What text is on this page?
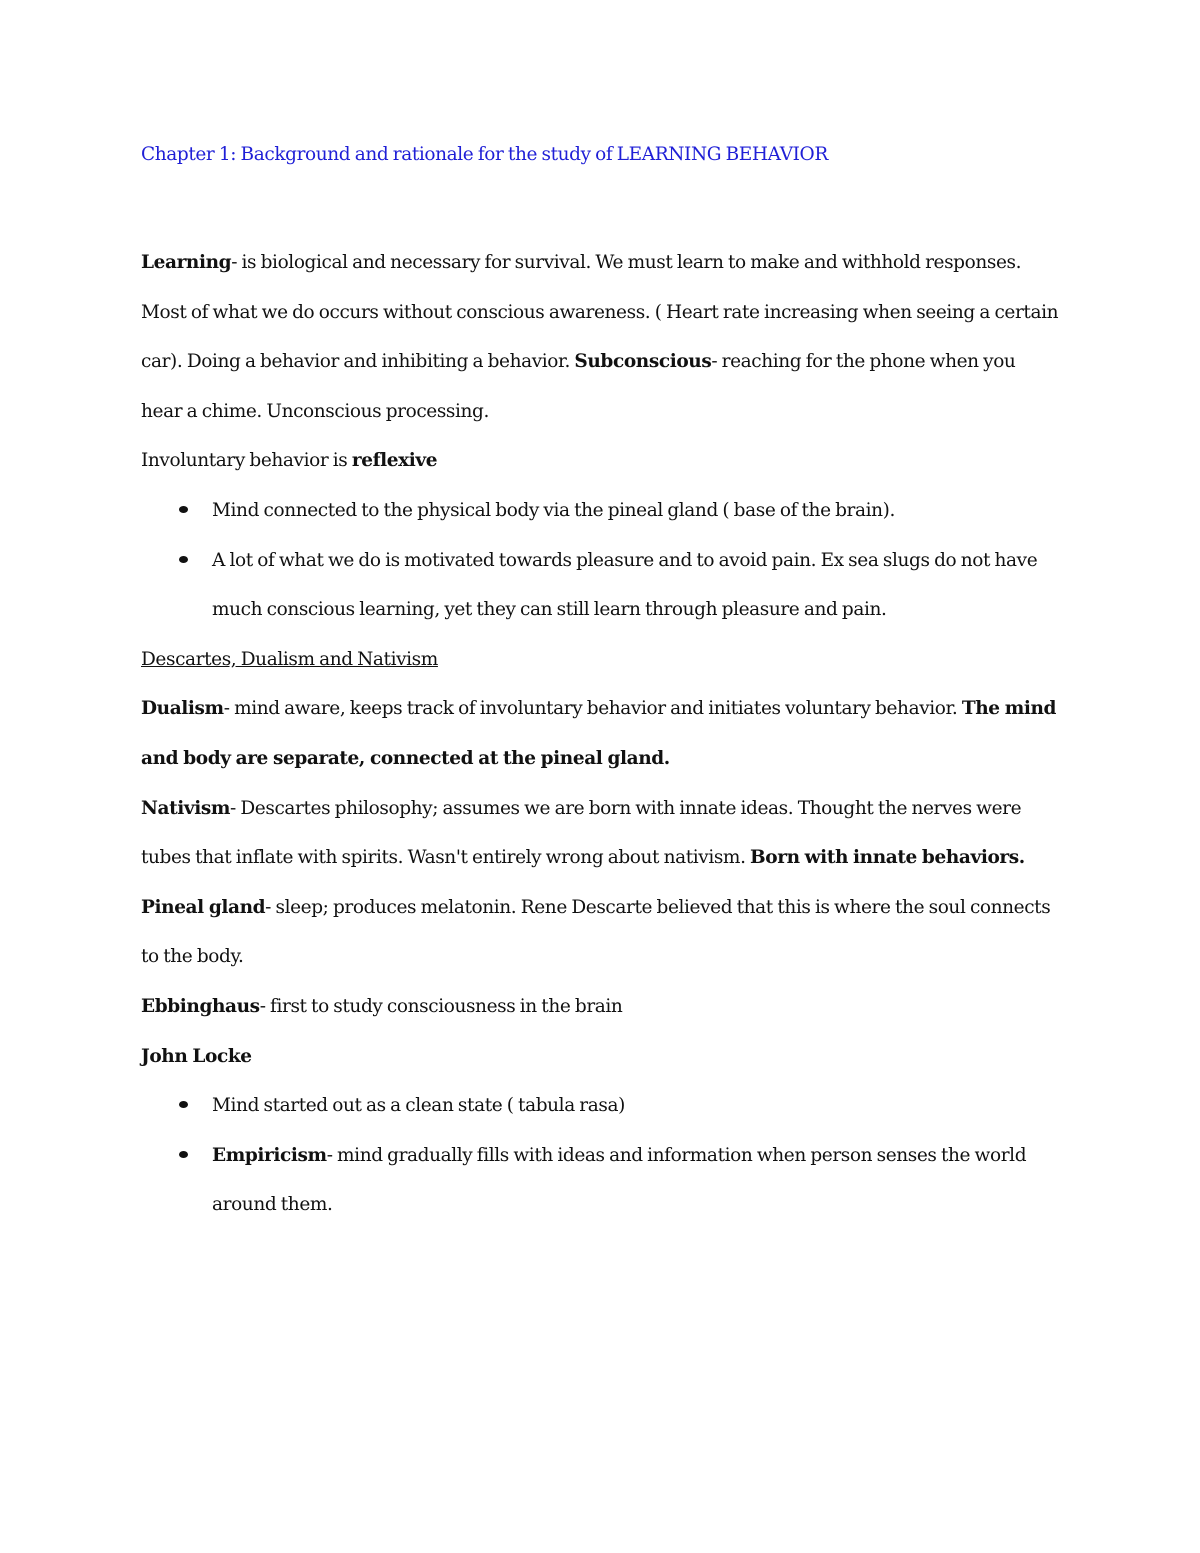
Chapter 1: Background and rationale for the study of LEARNING BEHAVIOR

Learning- is biological and necessary for survival. We must learn to make and withhold responses. Most of what we do occurs without conscious awareness. ( Heart rate increasing when seeing a certain car). Doing a behavior and inhibiting a behavior. Subconscious- reaching for the phone when you hear a chime. Unconscious processing.

Involuntary behavior is reflexive

Mind connected to the physical body via the pineal gland ( base of the brain).
A lot of what we do is motivated towards pleasure and to avoid pain. Ex sea slugs do not have much conscious learning, yet they can still learn through pleasure and pain.

Descartes, Dualism and Nativism

Dualism- mind aware, keeps track of involuntary behavior and initiates voluntary behavior. The mind and body are separate, connected at the pineal gland.

Nativism- Descartes philosophy; assumes we are born with innate ideas. Thought the nerves were tubes that inflate with spirits. Wasn't entirely wrong about nativism. Born with innate behaviors.

Pineal gland- sleep; produces melatonin. Rene Descarte believed that this is where the soul connects to the body.

Ebbinghaus- first to study consciousness in the brain

John Locke

Mind started out as a clean state ( tabula rasa)
Empiricism- mind gradually fills with ideas and information when person senses the world around them.
